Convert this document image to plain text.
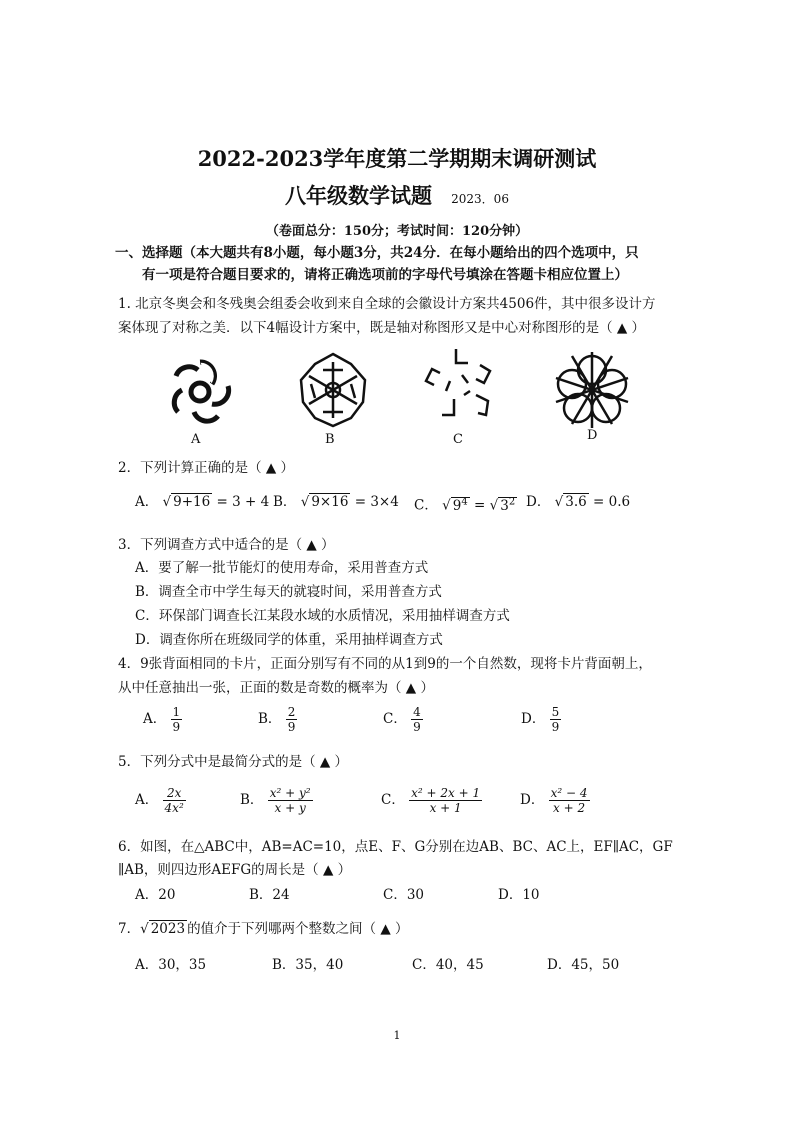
2022-2023学年度第二学期期末调研测试
八年级数学试题 2023．06
（卷面总分：150分；考试时间：120分钟）
一、选择题（本大题共有8小题，每小题3分，共24分．在每小题给出的四个选项中，只
有一项是符合题目要求的，请将正确选项前的字母代号填涂在答题卡相应位置上）
1. 北京冬奥会和冬残奥会组委会收到来自全球的会徽设计方案共4506件，其中很多设计方
案体现了对称之美．以下4幅设计方案中，既是轴对称图形又是中心对称图形的是（ ▲ ）
A	B	C	D
2．下列计算正确的是（ ▲ ）
A． √ 9+16 = 3 + 4 B． √ 9×16 = 3×4 C． √ $9^4$ = √ $3^2$ D． √ 3.6 = 0.6
3．下列调查方式中适合的是（ ▲ ）
A．要了解一批节能灯的使用寿命，采用普查方式
B．调查全市中学生每天的就寝时间，采用普查方式
C．环保部门调查长江某段水域的水质情况，采用抽样调查方式
D．调查你所在班级同学的体重，采用抽样调查方式
4．9张背面相同的卡片，正面分别写有不同的从1到9的一个自然数，现将卡片背面朝上，
从中任意抽出一张，正面的数是奇数的概率为（ ▲ ）
A． $\frac{1}{9}$	B． $\frac{2}{9}$	C． $\frac{4}{9}$	D． $\frac{5}{9}$
5．下列分式中是最简分式的是（ ▲ ）
A． $\frac{2x}{\text{4x²}}$	B． $\frac{\text{x² + y²}}{x + y}$	C． $\frac{\text{x² + 2x + 1}}{x + 1}$	D． $\frac{\text{x² − 4}}{x + 2}$
6．如图，在△ABC中，AB=AC=10，点E、F、G分别在边AB、BC、AC上，EF∥AC，GF
∥AB，则四边形AEFG的周长是（ ▲ ）
A．20	B．24	C．30	D．10
7．√ 2023 的值介于下列哪两个整数之间（ ▲ ）
A．30，35	B．35，40	C．40，45	D．45，50
1
